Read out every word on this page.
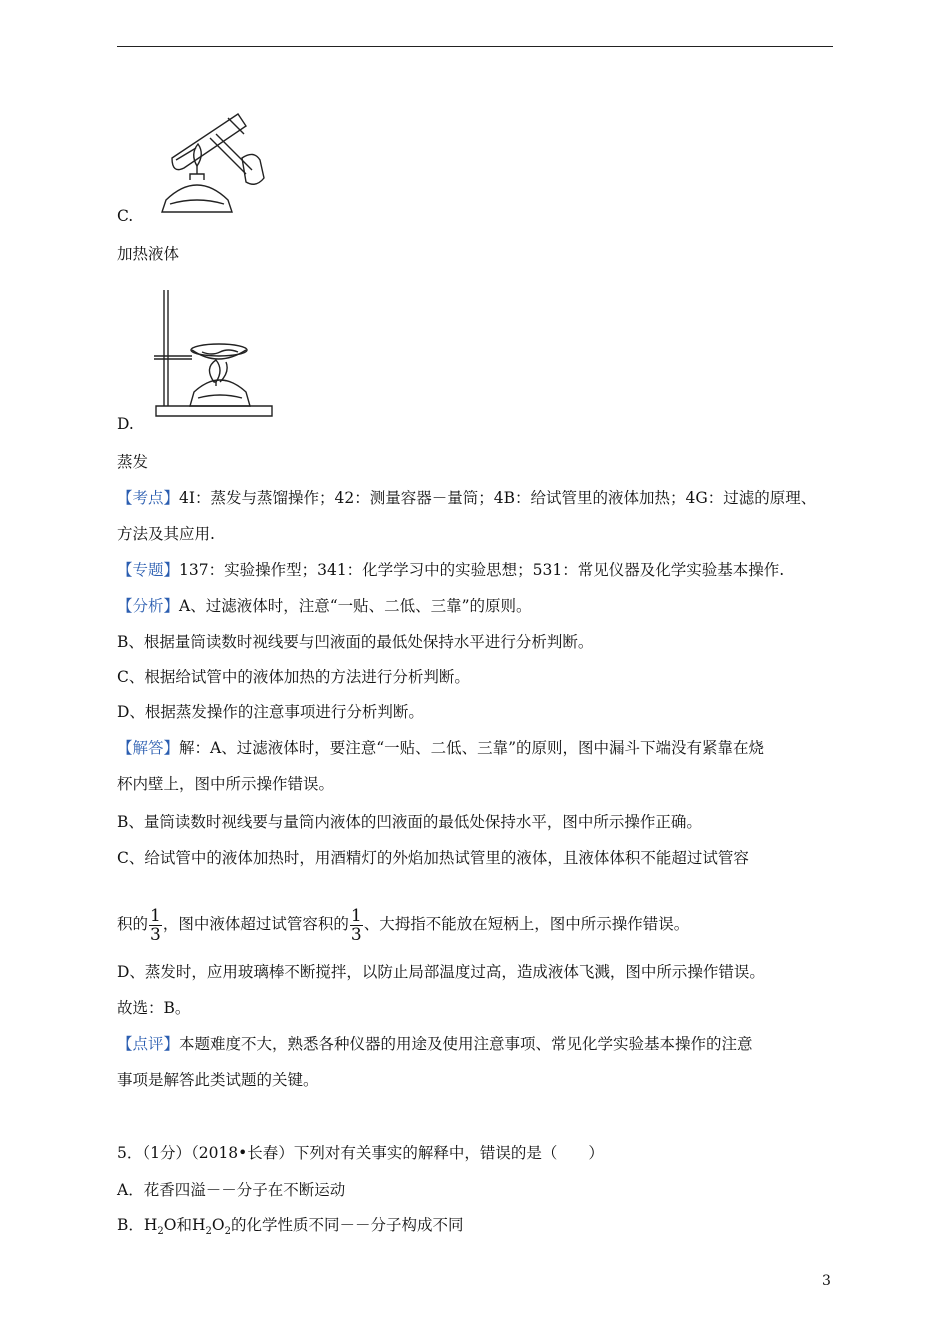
C.
加热液体
D.
蒸发
【考点】4I：蒸发与蒸馏操作；42：测量容器－量筒；4B：给试管里的液体加热；4G：过滤的原理、
方法及其应用.
【专题】137：实验操作型；341：化学学习中的实验思想；531：常见仪器及化学实验基本操作.
【分析】A、过滤液体时，注意“一贴、二低、三靠”的原则。
B、根据量筒读数时视线要与凹液面的最低处保持水平进行分析判断。
C、根据给试管中的液体加热的方法进行分析判断。
D、根据蒸发操作的注意事项进行分析判断。
【解答】解：A、过滤液体时，要注意“一贴、二低、三靠”的原则，图中漏斗下端没有紧靠在烧
杯内壁上，图中所示操作错误。
B、量筒读数时视线要与量筒内液体的凹液面的最低处保持水平，图中所示操作正确。
C、给试管中的液体加热时，用酒精灯的外焰加热试管里的液体，且液体体积不能超过试管容
积的 $\frac{1}{3}$ ，图中液体超过试管容积的 $\frac{1}{3}$ 、大拇指不能放在短柄上，图中所示操作错误。
D、蒸发时，应用玻璃棒不断搅拌，以防止局部温度过高，造成液体飞溅，图中所示操作错误。
故选：B。
【点评】本题难度不大，熟悉各种仪器的用途及使用注意事项、常见化学实验基本操作的注意
事项是解答此类试题的关键。
5．（1分）（2018•长春）下列对有关事实的解释中，错误的是（　　）
A．花香四溢－－分子在不断运动
B．$H_2O$和$H_2O_2$的化学性质不同－－分子构成不同
3
